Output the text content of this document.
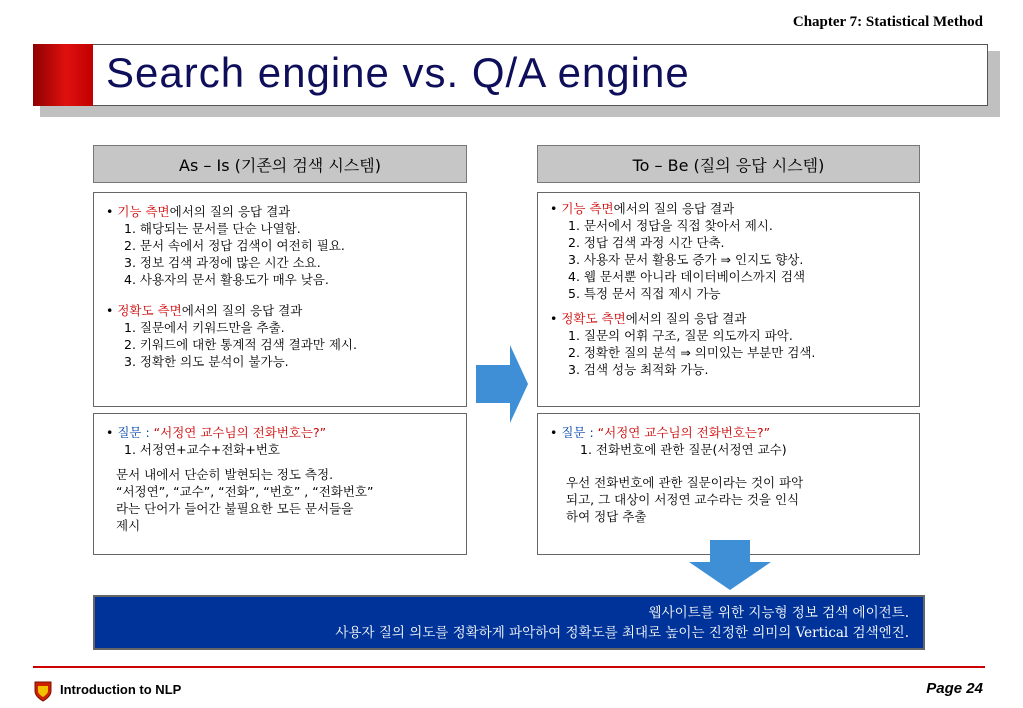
Chapter 7: Statistical Method
Search engine vs. Q/A engine
As – Is (기존의 검색 시스템)
• 기능 측면에서의 질의 응답 결과
1. 해당되는 문서를 단순 나열함.
2. 문서 속에서 정답 검색이 여전히 필요.
3. 정보 검색 과정에 많은 시간 소요.
4. 사용자의 문서 활용도가 매우 낮음.
• 정확도 측면에서의 질의 응답 결과
1. 질문에서 키워드만을 추출.
2. 키워드에 대한 통계적 검색 결과만 제시.
3. 정확한 의도 분석이 불가능.
• 질문 : “서정연 교수님의 전화번호는?”
1. 서정연+교수+전화+번호
문서 내에서 단순히 발현되는 정도 측정.
“서정연”, “교수”, “전화”, “번호” , “전화번호”
라는 단어가 들어간 불필요한 모든 문서들을
제시
To – Be (질의 응답 시스템)
• 기능 측면에서의 질의 응답 결과
1. 문서에서 정답을 직접 찾아서 제시.
2. 정답 검색 과정 시간 단축.
3. 사용자 문서 활용도 증가 ⇒ 인지도 향상.
4. 웹 문서뿐 아니라 데이터베이스까지 검색
5. 특정 문서 직접 제시 가능
• 정확도 측면에서의 질의 응답 결과
1. 질문의 어휘 구조, 질문 의도까지 파악.
2. 정확한 질의 분석 ⇒ 의미있는 부분만 검색.
3. 검색 성능 최적화 가능.
• 질문 : “서정연 교수님의 전화번호는?”
1. 전화번호에 관한 질문(서정연 교수)
우선 전화번호에 관한 질문이라는 것이 파악
되고, 그 대상이 서정연 교수라는 것을 인식
하여 정답 추출
웹사이트를 위한 지능형 정보 검색 에이전트.
사용자 질의 의도를 정확하게 파악하여 정확도를 최대로 높이는 진정한 의미의 Vertical 검색엔진.
Introduction to NLP	Page 24
